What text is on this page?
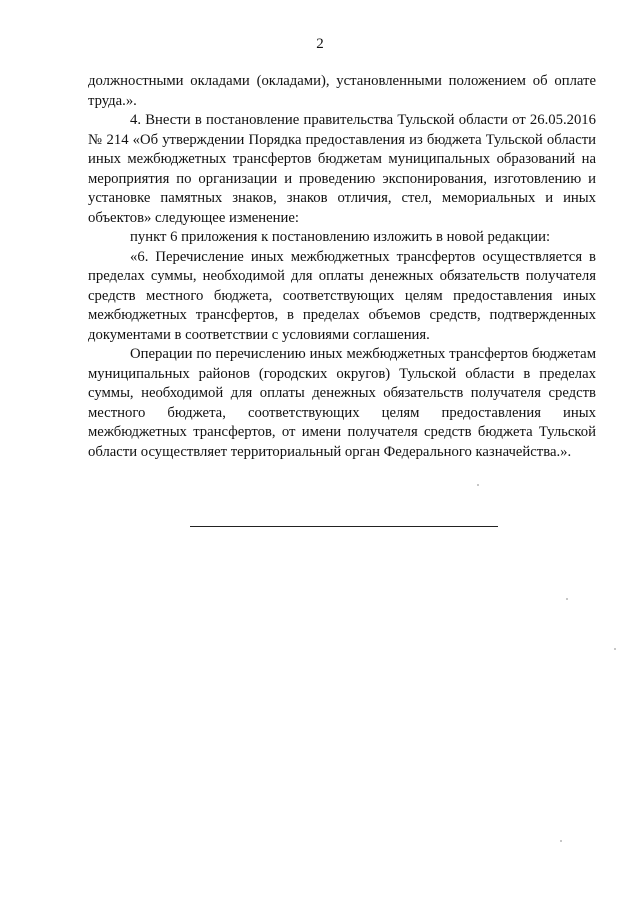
2

должностными окладами (окладами), установленными положением об оплате труда.».

4. Внести в постановление правительства Тульской области от 26.05.2016 № 214 «Об утверждении Порядка предоставления из бюджета Тульской области иных межбюджетных трансфертов бюджетам муниципальных образований на мероприятия по организации и проведению экспонирования, изготовлению и установке памятных знаков, знаков отличия, стел, мемориальных и иных объектов» следующее изменение:

пункт 6 приложения к постановлению изложить в новой редакции:

«6. Перечисление иных межбюджетных трансфертов осуществляется в пределах суммы, необходимой для оплаты денежных обязательств получателя средств местного бюджета, соответствующих целям предоставления иных межбюджетных трансфертов, в пределах объемов средств, подтвержденных документами в соответствии с условиями соглашения.

Операции по перечислению иных межбюджетных трансфертов бюджетам муниципальных районов (городских округов) Тульской области в пределах суммы, необходимой для оплаты денежных обязательств получателя средств местного бюджета, соответствующих целям предоставления иных межбюджетных трансфертов, от имени получателя средств бюджета Тульской области осуществляет территориальный орган Федерального казначейства.».
